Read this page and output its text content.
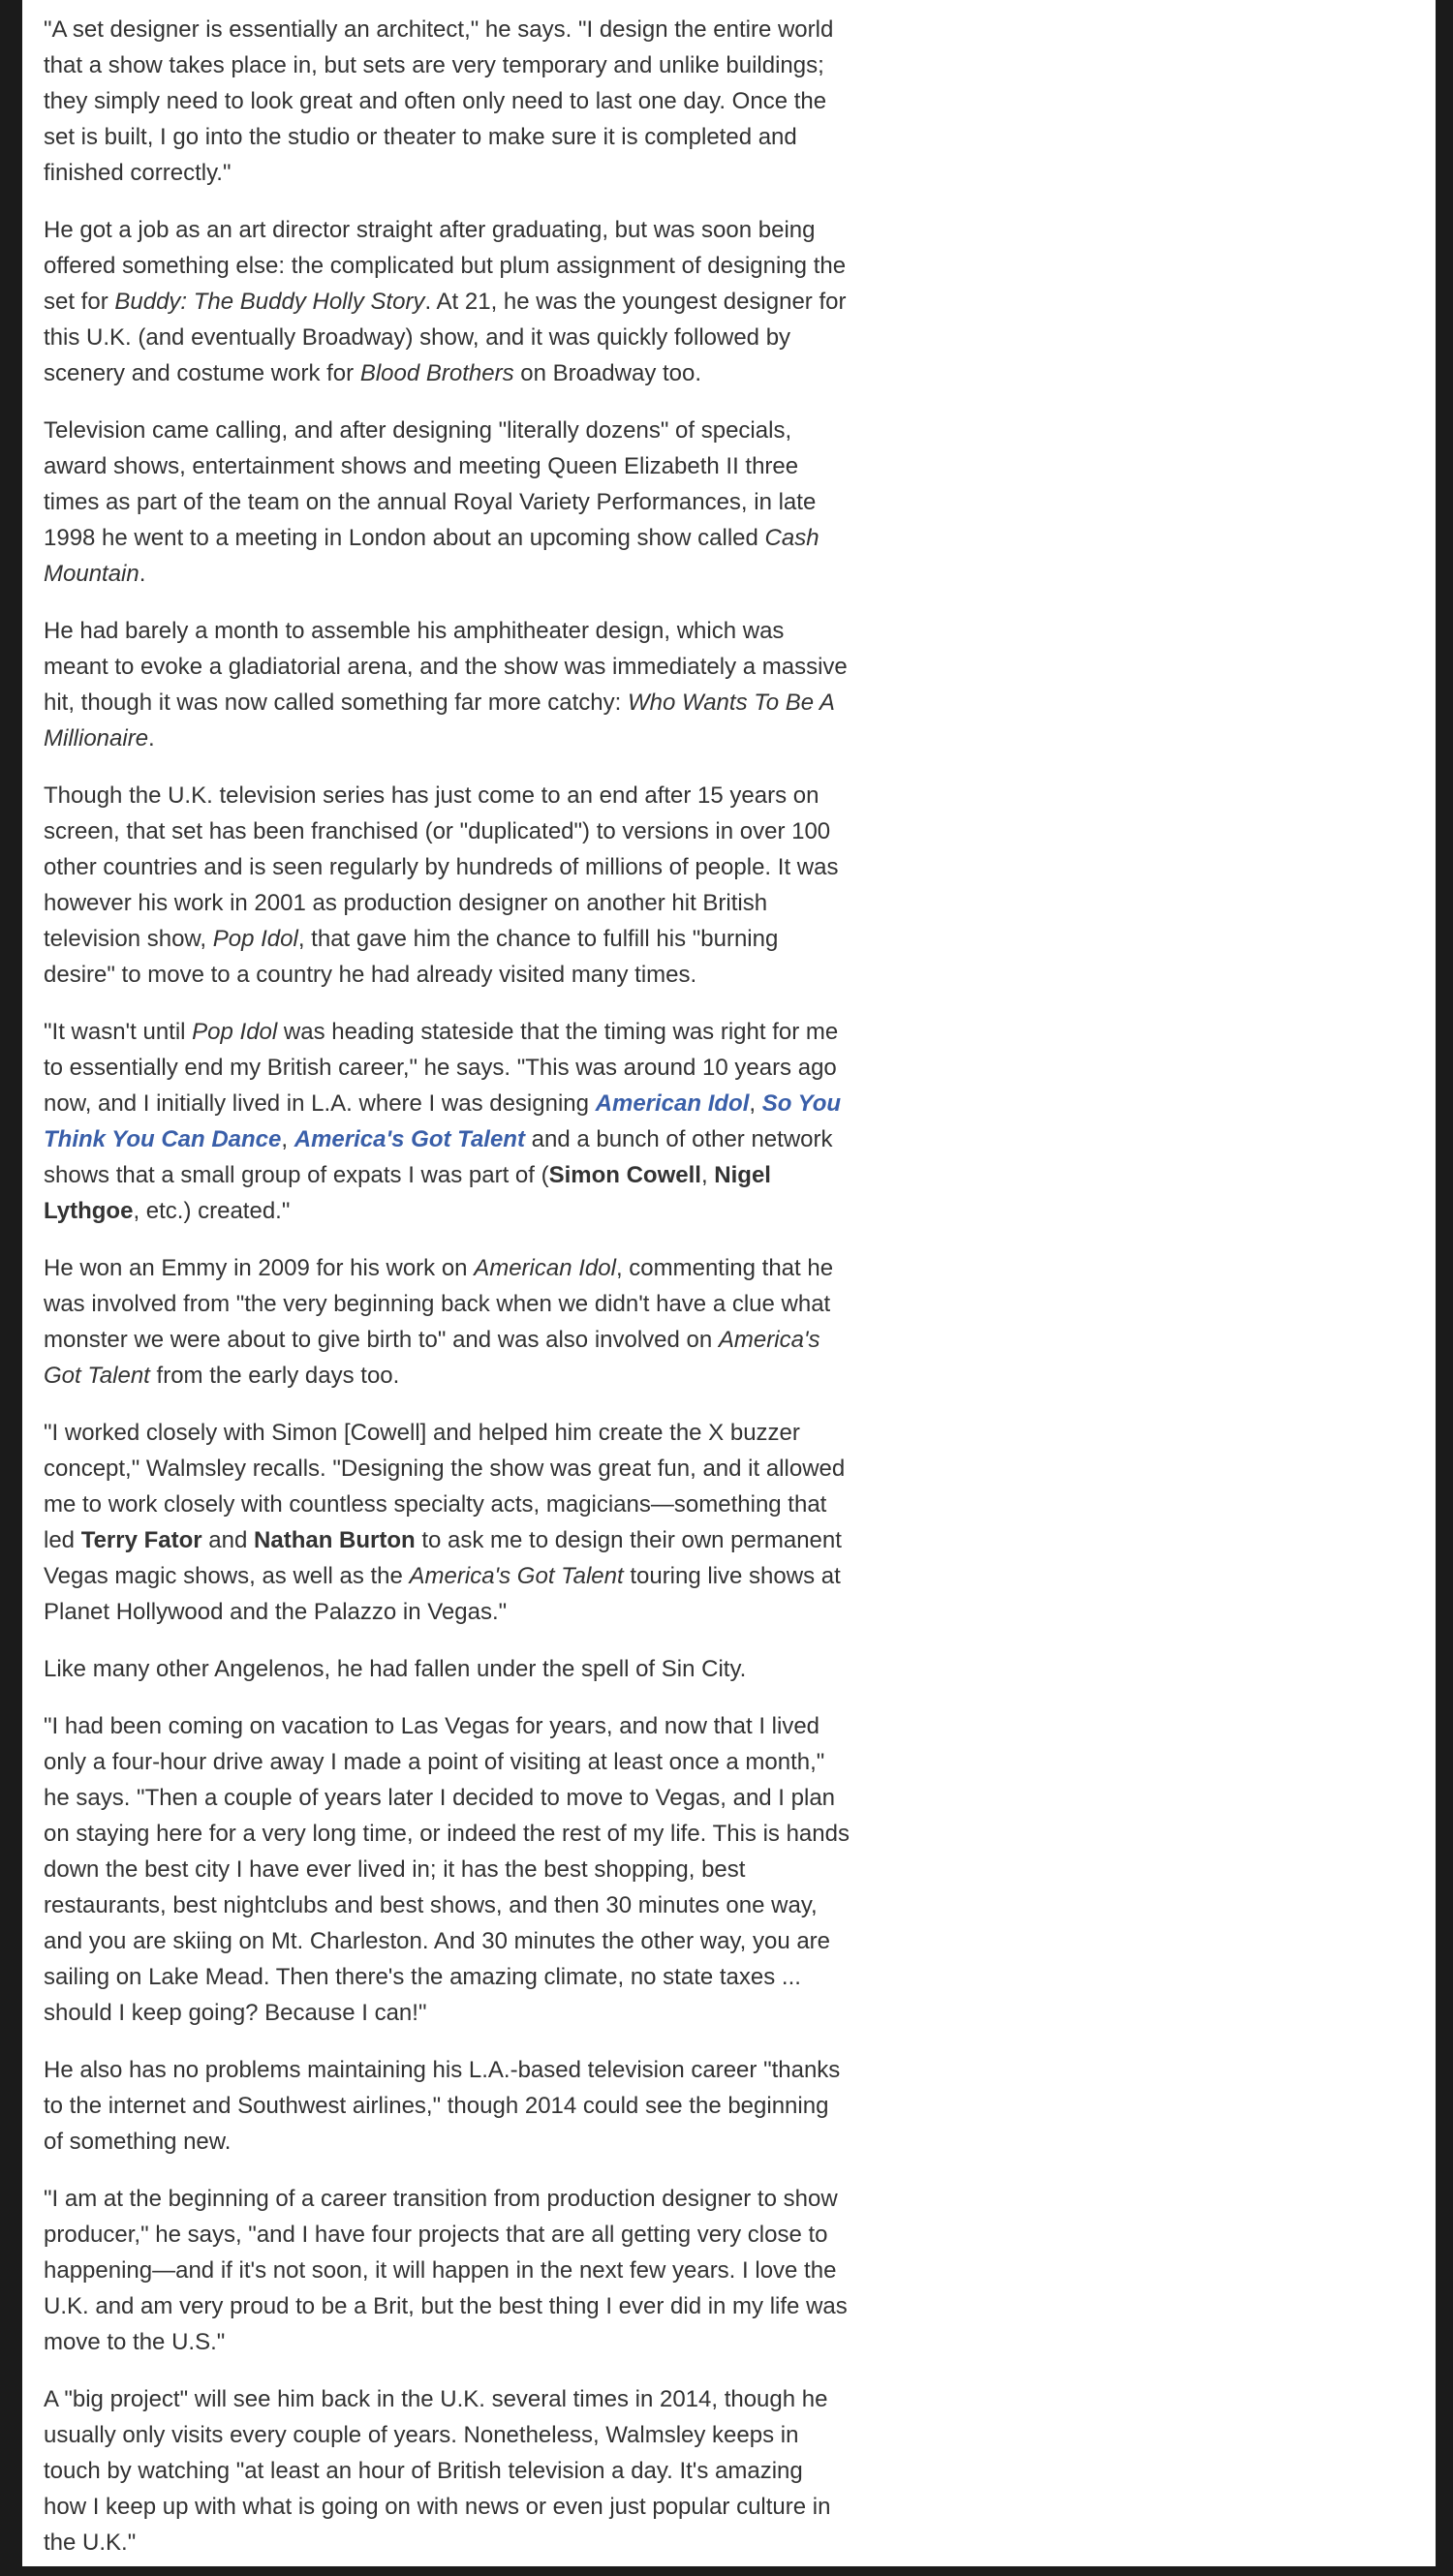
"A set designer is essentially an architect," he says. "I design the entire world
that a show takes place in, but sets are very temporary and unlike buildings;
they simply need to look great and often only need to last one day. Once the
set is built, I go into the studio or theater to make sure it is completed and
finished correctly."
He got a job as an art director straight after graduating, but was soon being
offered something else: the complicated but plum assignment of designing the
set for Buddy: The Buddy Holly Story. At 21, he was the youngest designer for
this U.K. (and eventually Broadway) show, and it was quickly followed by
scenery and costume work for Blood Brothers on Broadway too.
Television came calling, and after designing "literally dozens" of specials,
award shows, entertainment shows and meeting Queen Elizabeth II three
times as part of the team on the annual Royal Variety Performances, in late
1998 he went to a meeting in London about an upcoming show called Cash
Mountain.
He had barely a month to assemble his amphitheater design, which was
meant to evoke a gladiatorial arena, and the show was immediately a massive
hit, though it was now called something far more catchy: Who Wants To Be A
Millionaire.
Though the U.K. television series has just come to an end after 15 years on
screen, that set has been franchised (or "duplicated") to versions in over 100
other countries and is seen regularly by hundreds of millions of people. It was
however his work in 2001 as production designer on another hit British
television show, Pop Idol, that gave him the chance to fulfill his "burning
desire" to move to a country he had already visited many times.
"It wasn't until Pop Idol was heading stateside that the timing was right for me
to essentially end my British career," he says. "This was around 10 years ago
now, and I initially lived in L.A. where I was designing American Idol, So You
Think You Can Dance, America's Got Talent and a bunch of other network
shows that a small group of expats I was part of (Simon Cowell, Nigel
Lythgoe, etc.) created."
He won an Emmy in 2009 for his work on American Idol, commenting that he
was involved from "the very beginning back when we didn't have a clue what
monster we were about to give birth to" and was also involved on America's
Got Talent from the early days too.
"I worked closely with Simon [Cowell] and helped him create the X buzzer
concept," Walmsley recalls. "Designing the show was great fun, and it allowed
me to work closely with countless specialty acts, magicians—something that
led Terry Fator and Nathan Burton to ask me to design their own permanent
Vegas magic shows, as well as the America's Got Talent touring live shows at
Planet Hollywood and the Palazzo in Vegas."
Like many other Angelenos, he had fallen under the spell of Sin City.
"I had been coming on vacation to Las Vegas for years, and now that I lived
only a four-hour drive away I made a point of visiting at least once a month,"
he says. "Then a couple of years later I decided to move to Vegas, and I plan
on staying here for a very long time, or indeed the rest of my life. This is hands
down the best city I have ever lived in; it has the best shopping, best
restaurants, best nightclubs and best shows, and then 30 minutes one way,
and you are skiing on Mt. Charleston. And 30 minutes the other way, you are
sailing on Lake Mead. Then there's the amazing climate, no state taxes ...
should I keep going? Because I can!"
He also has no problems maintaining his L.A.-based television career "thanks
to the internet and Southwest airlines," though 2014 could see the beginning
of something new.
"I am at the beginning of a career transition from production designer to show
producer," he says, "and I have four projects that are all getting very close to
happening—and if it's not soon, it will happen in the next few years. I love the
U.K. and am very proud to be a Brit, but the best thing I ever did in my life was
move to the U.S."
A "big project" will see him back in the U.K. several times in 2014, though he
usually only visits every couple of years. Nonetheless, Walmsley keeps in
touch by watching "at least an hour of British television a day. It's amazing
how I keep up with what is going on with news or even just popular culture in
the U.K."
